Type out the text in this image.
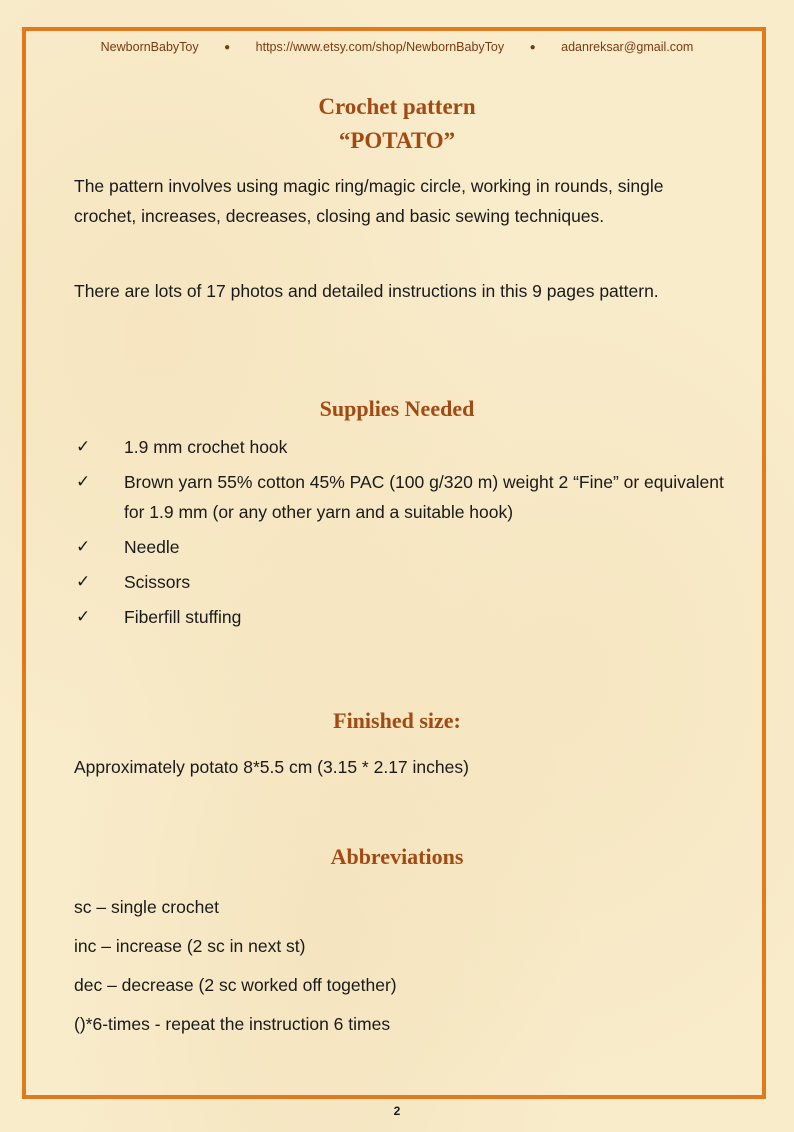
NewbornBabyToy	● https://www.etsy.com/shop/NewbornBabyToy	● adanreksar@gmail.com
Crochet pattern
“POTATO”
The pattern involves using magic ring/magic circle, working in rounds, single crochet, increases, decreases, closing and basic sewing techniques.
There are lots of 17 photos and detailed instructions in this 9 pages pattern.
Supplies Needed
✓ 1.9 mm crochet hook
✓ Brown yarn 55% cotton 45% PAC (100 g/320 m) weight 2 “Fine” or equivalent for 1.9 mm (or any other yarn and a suitable hook)
✓ Needle
✓ Scissors
✓ Fiberfill stuffing
Finished size:
Approximately potato 8*5.5 cm (3.15 * 2.17 inches)
Abbreviations
sc – single crochet
inc – increase (2 sc in next st)
dec – decrease (2 sc worked off together)
()*6-times - repeat the instruction 6 times
2
